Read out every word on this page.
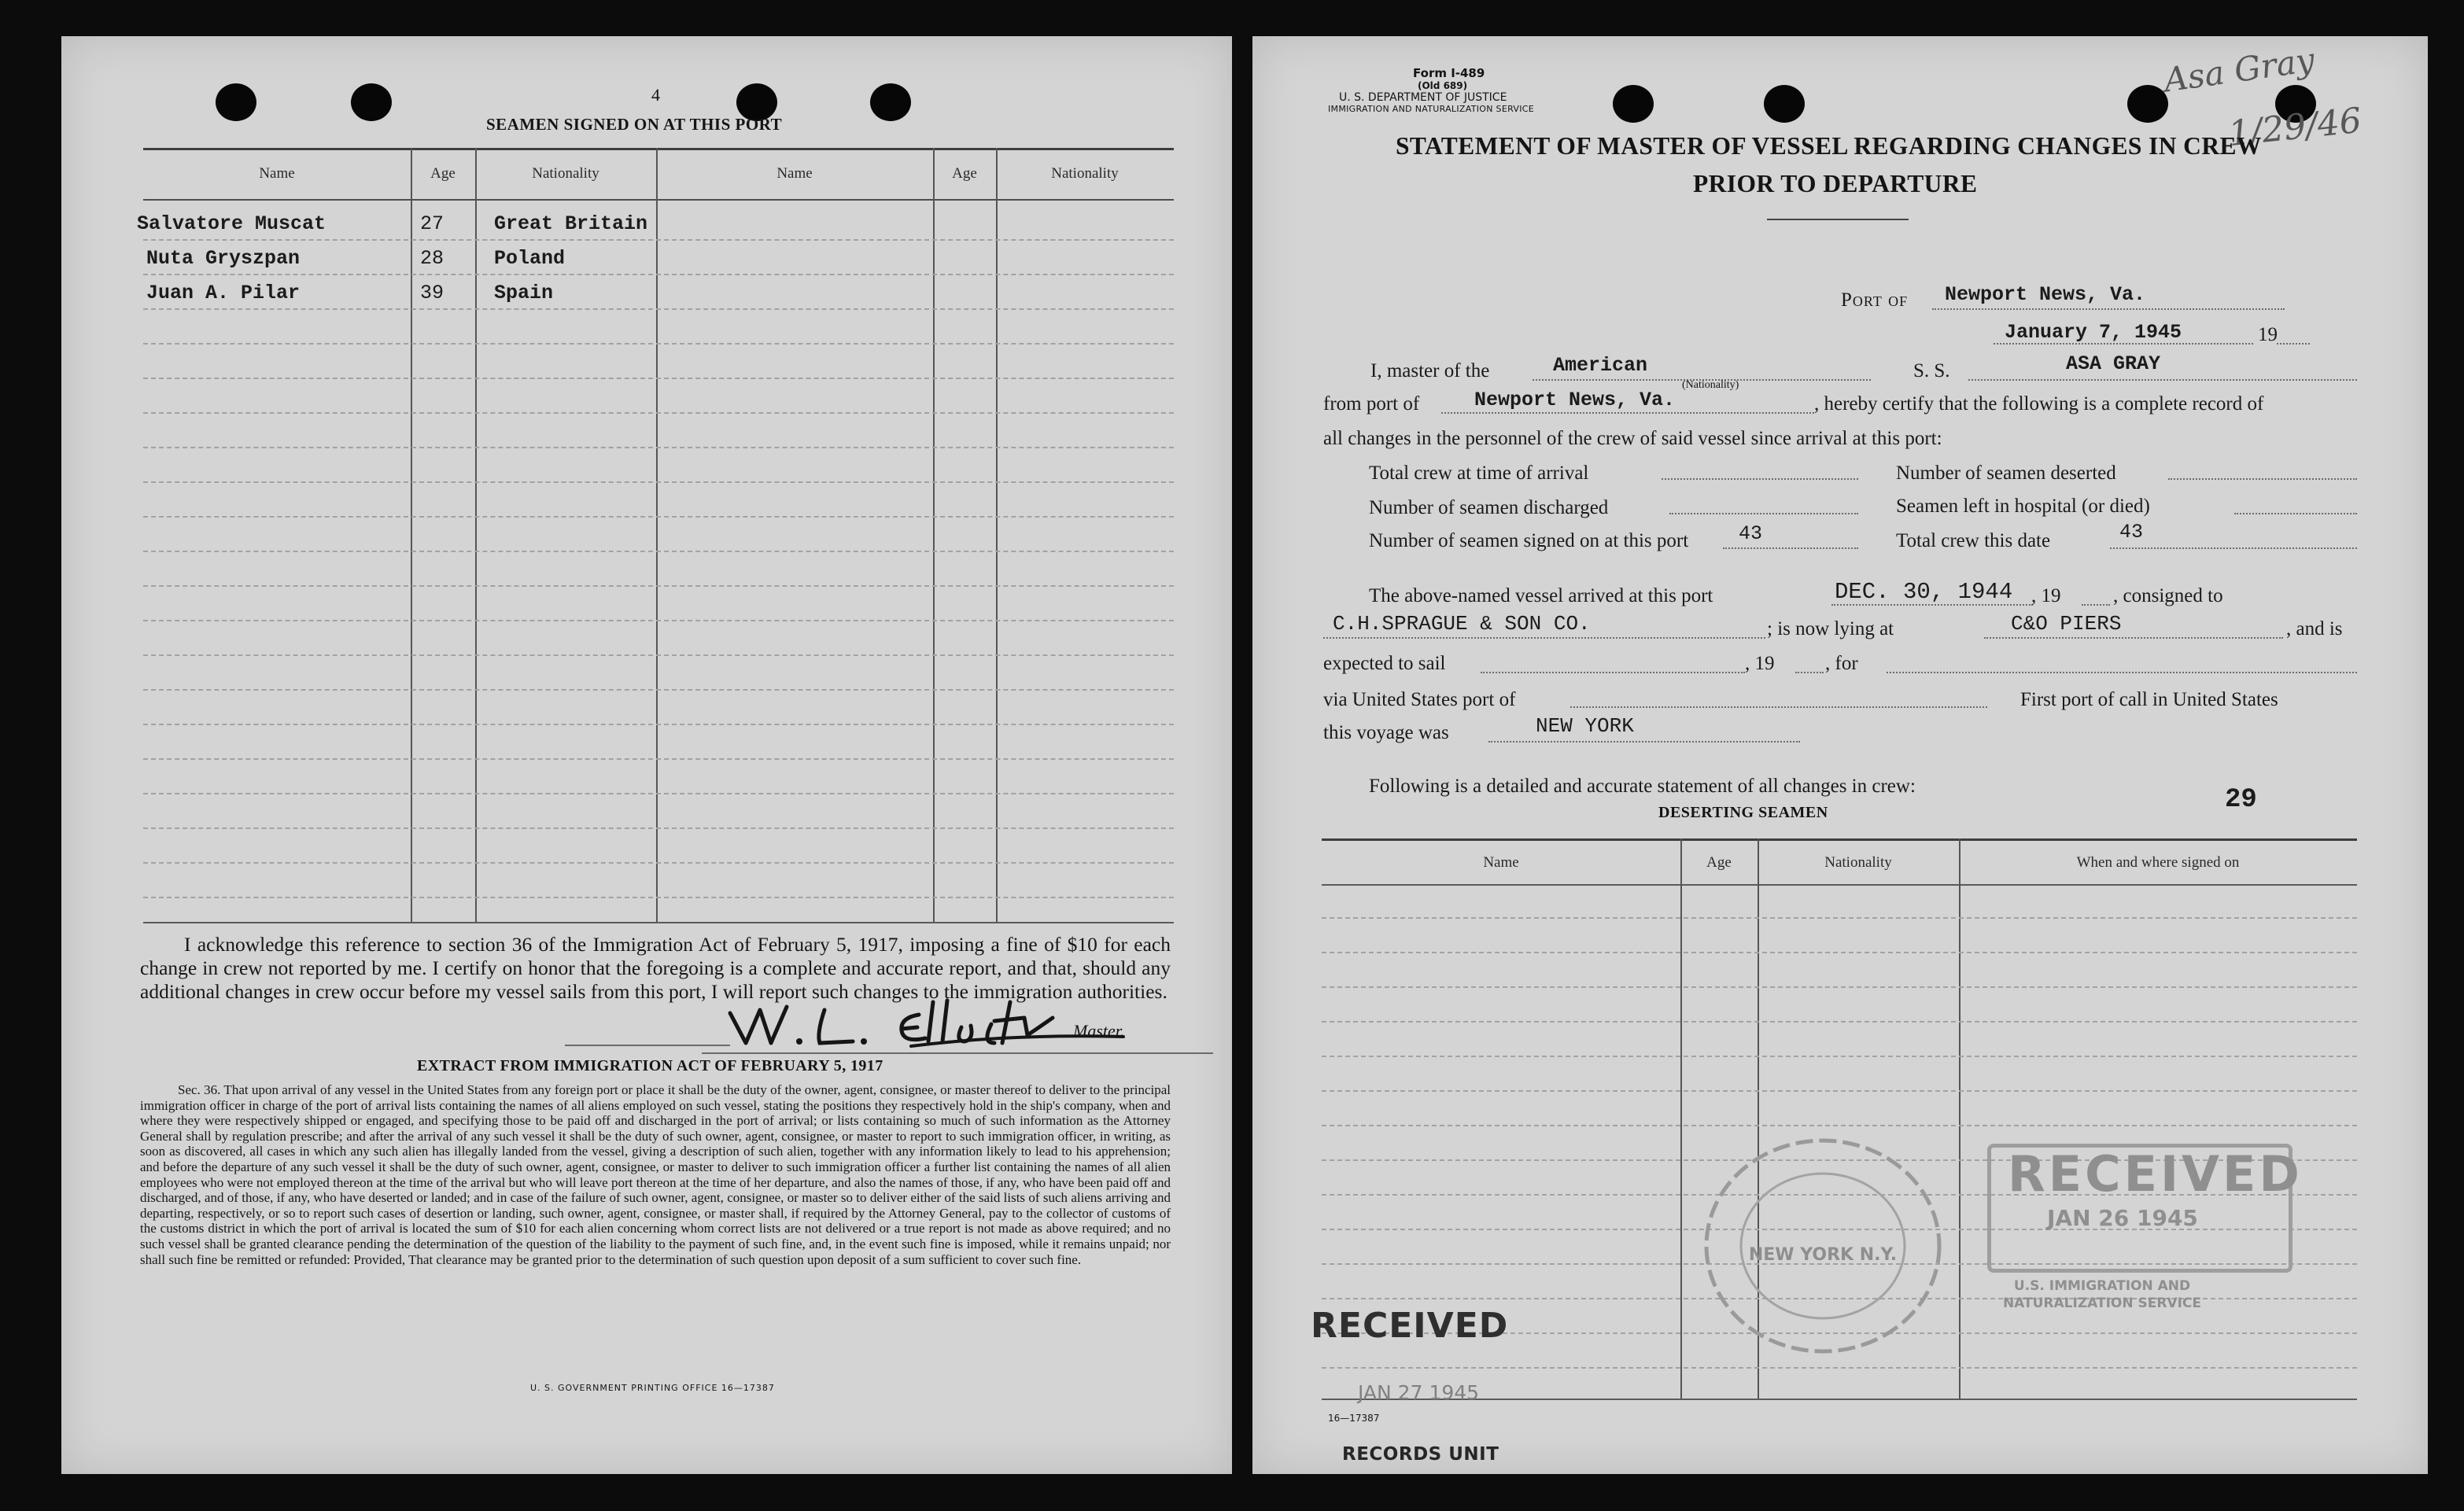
4
SEAMEN SIGNED ON AT THIS PORT
Name	Age	Nationality	Name	Age	Nationality
Salvatore Muscat	27	Great Britain
Nuta Gryszpan	28	Poland
Juan A. Pilar	39	Spain
I acknowledge this reference to section 36 of the Immigration Act of February 5, 1917, imposing a fine of $10 for each change in crew not reported by me. I certify on honor that the foregoing is a complete and accurate report, and that, should any additional changes in crew occur before my vessel sails from this port, I will report such changes to the immigration authorities.
Master.
EXTRACT FROM IMMIGRATION ACT OF FEBRUARY 5, 1917
Sec. 36. That upon arrival of any vessel in the United States from any foreign port or place it shall be the duty of the owner, agent, consignee, or master thereof to deliver to the principal immigration officer in charge of the port of arrival lists containing the names of all aliens employed on such vessel, stating the positions they respectively hold in the ship's company, when and where they were respectively shipped or engaged, and specifying those to be paid off and discharged in the port of arrival; or lists containing so much of such information as the Attorney General shall by regulation prescribe; and after the arrival of any such vessel it shall be the duty of such owner, agent, consignee, or master to report to such immigration officer, in writing, as soon as discovered, all cases in which any such alien has illegally landed from the vessel, giving a description of such alien, together with any information likely to lead to his apprehension; and before the departure of any such vessel it shall be the duty of such owner, agent, consignee, or master to deliver to such immigration officer a further list containing the names of all alien employees who were not employed thereon at the time of the arrival but who will leave port thereon at the time of her departure, and also the names of those, if any, who have been paid off and discharged, and of those, if any, who have deserted or landed; and in case of the failure of such owner, agent, consignee, or master so to deliver either of the said lists of such aliens arriving and departing, respectively, or so to report such cases of desertion or landing, such owner, agent, consignee, or master shall, if required by the Attorney General, pay to the collector of customs of the customs district in which the port of arrival is located the sum of $10 for each alien concerning whom correct lists are not delivered or a true report is not made as above required; and no such vessel shall be granted clearance pending the determination of the question of the liability to the payment of such fine, and, in the event such fine is imposed, while it remains unpaid; nor shall such fine be remitted or refunded: Provided, That clearance may be granted prior to the determination of such question upon deposit of a sum sufficient to cover such fine.
U. S. GOVERNMENT PRINTING OFFICE 16—17387
Form I-489
(Old 689)
U. S. DEPARTMENT OF JUSTICE
IMMIGRATION AND NATURALIZATION SERVICE
Asa Gray
1/29/46
STATEMENT OF MASTER OF VESSEL REGARDING CHANGES IN CREW
PRIOR TO DEPARTURE
Port of Newport News, Va.
January 7, 1945	19
I, master of the	American
(Nationality)
S. S.	ASA GRAY
from port of	Newport News, Va.	, hereby certify that the following is a complete record of
all changes in the personnel of the crew of said vessel since arrival at this port:
Total crew at time of arrival	Number of seamen deserted
Number of seamen discharged	Seamen left in hospital (or died)
Number of seamen signed on at this port	43	Total crew this date	43
The above-named vessel arrived at this port	DEC. 30, 1944 , 19	, consigned to
C.H.SPRAGUE & SON CO.	; is now lying at	C&O PIERS	, and is
expected to sail	, 19	, for
via United States port of	First port of call in United States
this voyage was	NEW YORK
Following is a detailed and accurate statement of all changes in crew:
DESERTING SEAMEN	29
Name	Age	Nationality	When and where signed on
NEW YORK N.Y.
RECEIVED
JAN 26 1945
U.S. IMMIGRATION AND NATURALIZATION SERVICE
RECEIVED
JAN 27 1945
16—17387
RECORDS UNIT
